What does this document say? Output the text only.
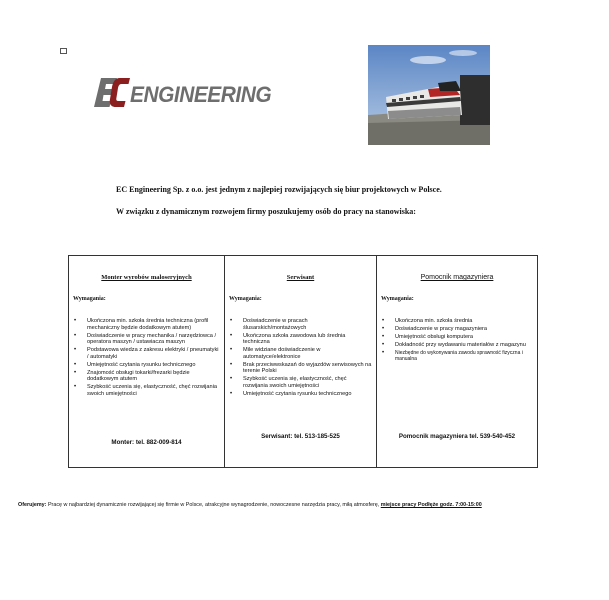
ENGINEERING
EC Engineering Sp. z o.o. jest jednym z najlepiej rozwijających się biur projektowych w Polsce.
W związku z dynamicznym rozwojem firmy poszukujemy osób do pracy na stanowiska:
Monter wyrobów maloseryjnych
Wymagania:
• Ukończona min. szkoła średnia techniczna (profil mechaniczny będzie dodatkowym atutem)
• Doświadczenie w pracy mechanika / narzędziowca / operatora maszyn / ustawiacza maszyn
• Podstawowa wiedza z zakresu elektryki / pneumatyki / automatyki
• Umiejętność czytania rysunku technicznego
• Znajomość obsługi tokarki/frezarki będzie dodatkowym atutem
• Szybkość uczenia się, elastyczność, chęć rozwijania swoich umiejętności
Monter: tel. 882-009-814
Serwisant
Wymagania:
• Doświadczenie w pracach ślusarskich/montażowych
• Ukończona szkoła zawodowa lub średnia techniczna
• Mile widziane doświadczenie w automatyce/elektronice
• Brak przeciwwskazań do wyjazdów serwisowych na terenie Polski
• Szybkość uczenia się, elastyczność, chęć rozwijania swoich umiejętności
• Umiejętność czytania rysunku technicznego
Serwisant: tel. 513-185-525
Pomocnik magazyniera
Wymagania:
• Ukończona min. szkoła średnia
• Doświadczenie w pracy magazyniera
• Umiejętność obsługi komputera
• Dokładność przy wydawaniu materiałów z magazynu
• Niezbędne do wykonywania zawodu sprawność fizyczna i manualna
Pomocnik magazyniera tel. 539-540-452
Oferujemy: Pracę w najbardziej dynamicznie rozwijającej się firmie w Polsce, atrakcyjne wynagrodzenie, nowoczesne narzędzia pracy, miłą atmosferę, miejsce pracy Podłęże godz. 7:00-15:00
